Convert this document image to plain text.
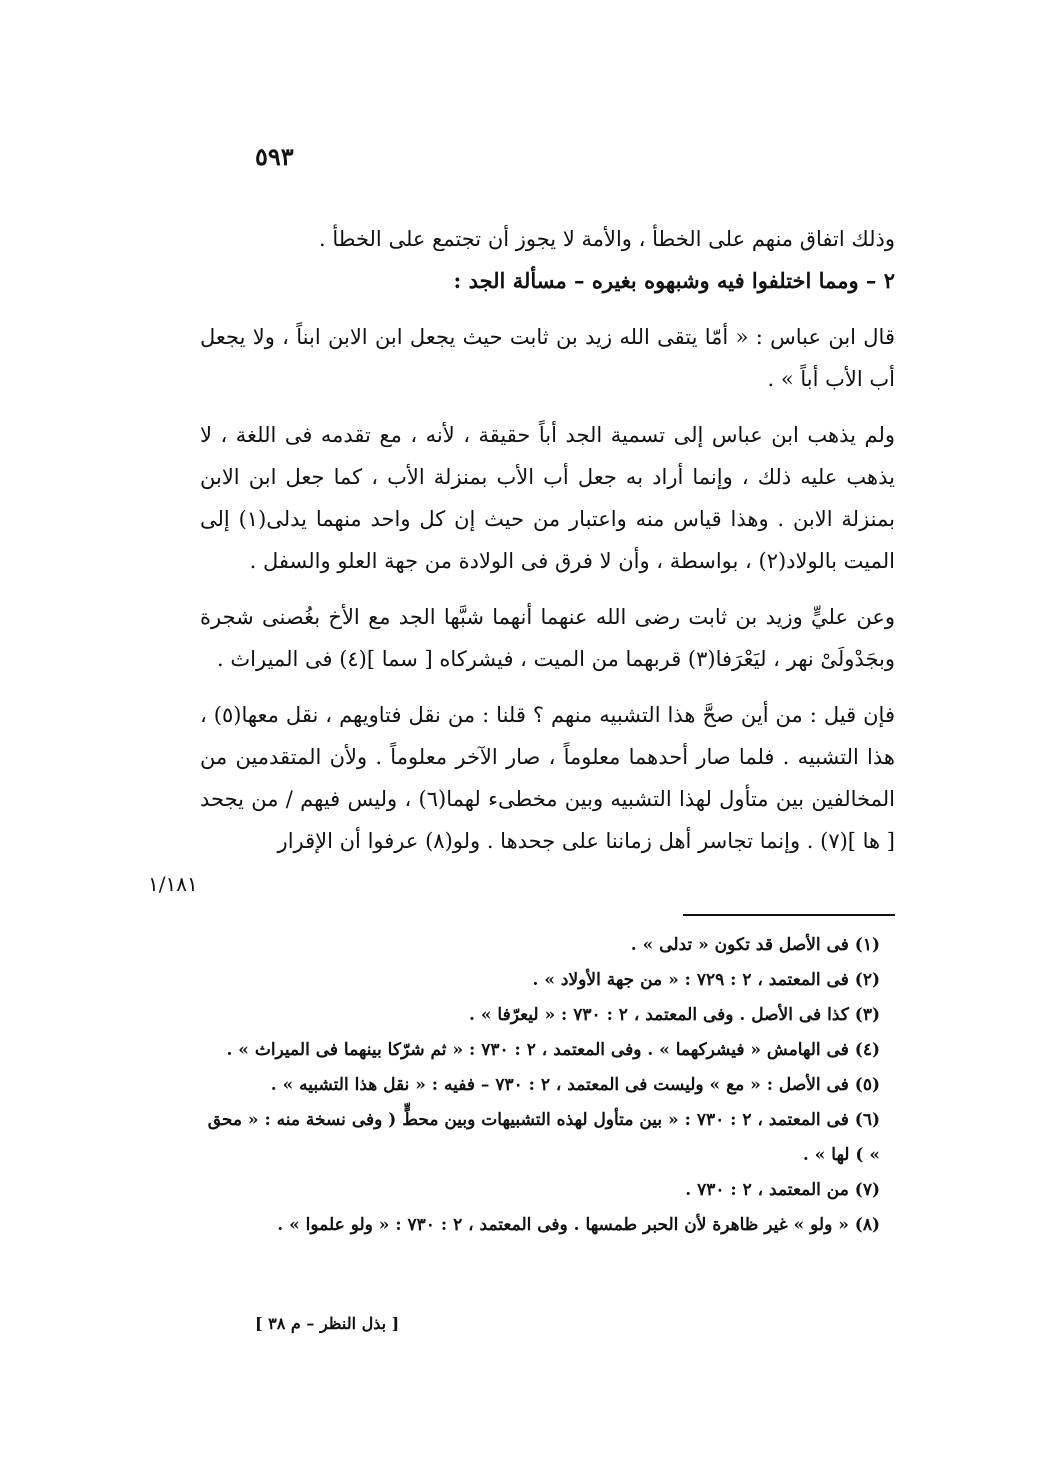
٥٩٣

وذلك اتفاق منهم على الخطأ ، والأمة لا يجوز أن تجتمع على الخطأ .

٢ – ومما اختلفوا فيه وشبهوه بغيره – مسألة الجد :

قال ابن عباس : « أمّا يتقى الله زيد بن ثابت حيث يجعل ابن الابن ابناً ، ولا يجعل أب الأب أباً » .

ولم يذهب ابن عباس إلى تسمية الجد أباً حقيقة ، لأنه ، مع تقدمه فى اللغة ، لا يذهب عليه ذلك ، وإنما أراد به جعل أب الأب بمنزلة الأب ، كما جعل ابن الابن بمنزلة الابن . وهذا قياس منه واعتبار من حيث إن كل واحد منهما يدلى(١) إلى الميت بالولاد(٢) ، بواسطة ، وأن لا فرق فى الولادة من جهة العلو والسفل .

وعن عليٍّ وزيد بن ثابت رضى الله عنهما أنهما شبَّها الجد مع الأخ بغُصنى شجرة وبجَدْولَىْ نهر ، ليَعْرَفا(٣) قربهما من الميت ، فيشركاه [ سما ](٤) فى الميراث .

فإن قيل : من أين صحَّ هذا التشبيه منهم ؟ قلنا : من نقل فتاويهم ، نقل معها(٥) ، هذا التشبيه . فلما صار أحدهما معلوماً ، صار الآخر معلوماً . ولأن المتقدمين من المخالفين بين متأول لهذا التشبيه وبين مخطىء لهما(٦) ، وليس فيهم / من يجحد [ ها ](٧) . وإنما تجاسر أهل زماننا على جحدها . ولو(٨) عرفوا أن الإقرار

١/١٨١

(١) فى الأصل قد تكون « تدلى » .

(٢) فى المعتمد ، ٢ : ٧٢٩ : « من جهة الأولاد » .

(٣) كذا فى الأصل . وفى المعتمد ، ٢ : ٧٣٠ : « ليعرّفا » .

(٤) فى الهامش « فيشركهما » . وفى المعتمد ، ٢ : ٧٣٠ : « ثم شرّكا بينهما فى الميراث » .

(٥) فى الأصل : « مع » وليست فى المعتمد ، ٢ : ٧٣٠ – ففيه : « نقل هذا التشبيه » .

(٦) فى المعتمد ، ٢ : ٧٣٠ : « بين متأول لهذه التشبيهات وبين محطٍّ ( وفى نسخة منه : « محق » ) لها » .

(٧) من المعتمد ، ٢ : ٧٣٠ .

(٨) « ولو » غير ظاهرة لأن الحبر طمسها . وفى المعتمد ، ٢ : ٧٣٠ : « ولو علموا » .

[ بذل النظر – م ٣٨ ]
